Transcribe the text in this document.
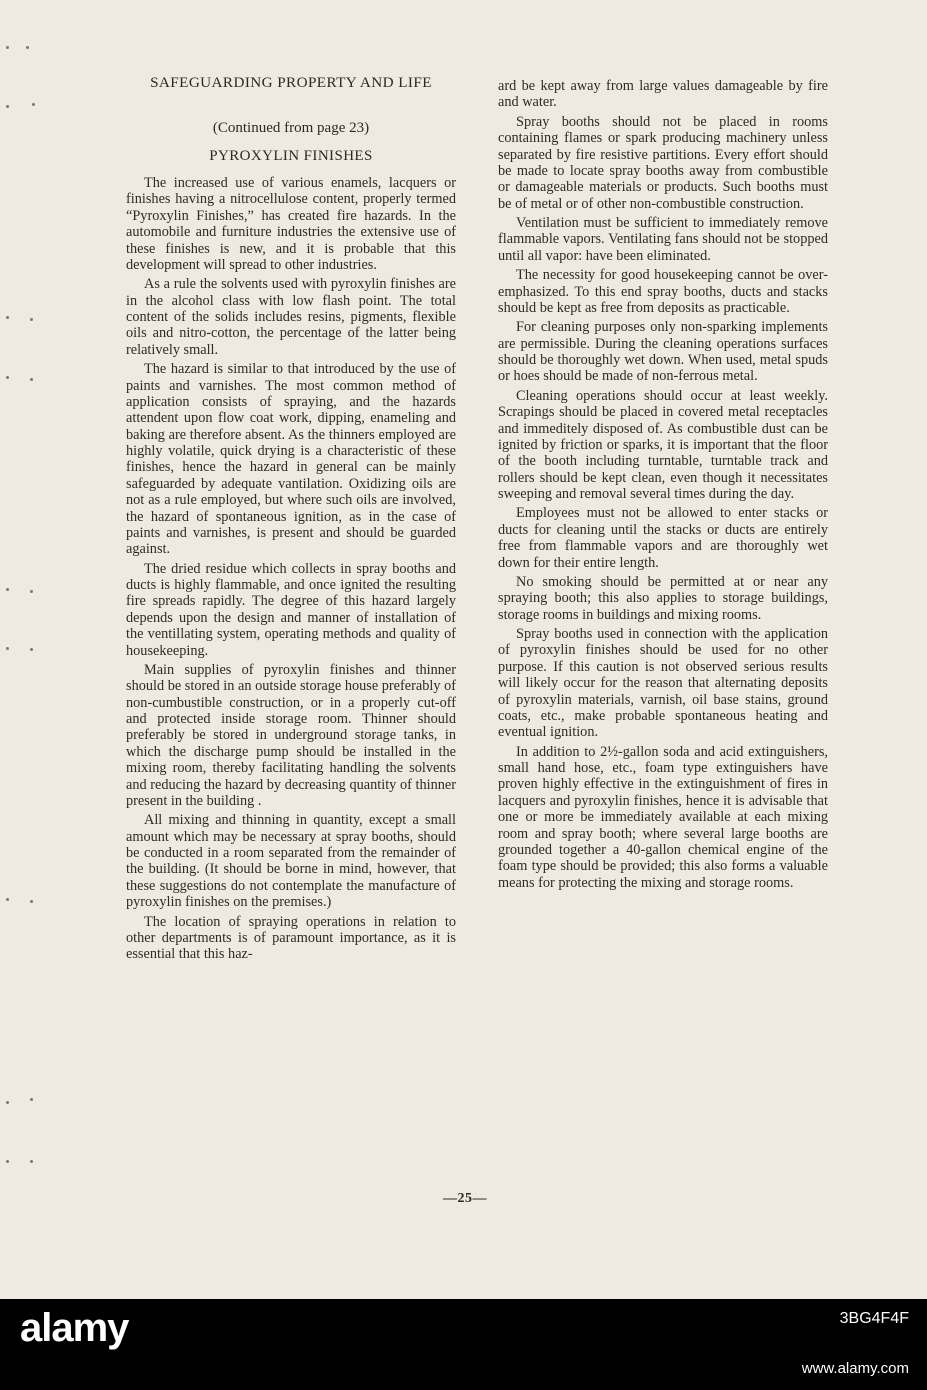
SAFEGUARDING PROPERTY AND LIFE
(Continued from page 23)
PYROXYLIN FINISHES

The increased use of various enamels, lacquers or finishes having a nitrocellulose content, properly termed “Pyroxylin Finishes,” has created fire hazards. In the automobile and furniture industries the extensive use of these finishes is new, and it is probable that this development will spread to other industries.

As a rule the solvents used with pyroxylin finishes are in the alcohol class with low flash point. The total content of the solids includes resins, pigments, flexible oils and nitro-cotton, the percentage of the latter being relatively small.

The hazard is similar to that introduced by the use of paints and varnishes. The most common method of application consists of spraying, and the hazards attendent upon flow coat work, dipping, enameling and baking are therefore absent. As the thinners employed are highly volatile, quick drying is a characteristic of these finishes, hence the hazard in general can be mainly safeguarded by adequate vantilation. Oxidizing oils are not as a rule employed, but where such oils are involved, the hazard of spontaneous ignition, as in the case of paints and varnishes, is present and should be guarded against.

The dried residue which collects in spray booths and ducts is highly flammable, and once ignited the resulting fire spreads rapidly. The degree of this hazard largely depends upon the design and manner of installation of the ventillating system, operating methods and quality of housekeeping.

Main supplies of pyroxylin finishes and thinner should be stored in an outside storage house preferably of non-cumbustible construction, or in a properly cut-off and protected inside storage room. Thinner should preferably be stored in underground storage tanks, in which the discharge pump should be installed in the mixing room, thereby facilitating handling the solvents and reducing the hazard by decreasing quantity of thinner present in the building .

All mixing and thinning in quantity, except a small amount which may be necessary at spray booths, should be conducted in a room separated from the remainder of the building. (It should be borne in mind, however, that these suggestions do not contemplate the manufacture of pyroxylin finishes on the premises.)

The location of spraying operations in relation to other departments is of paramount importance, as it is essential that this haz-

ard be kept away from large values damageable by fire and water.

Spray booths should not be placed in rooms containing flames or spark producing machinery unless separated by fire resistive partitions. Every effort should be made to locate spray booths away from combustible or damageable materials or products. Such booths must be of metal or of other non-combustible construction.

Ventilation must be sufficient to immediately remove flammable vapors. Ventilating fans should not be stopped until all vapor: have been eliminated.

The necessity for good housekeeping cannot be over-emphasized. To this end spray booths, ducts and stacks should be kept as free from deposits as practicable.

For cleaning purposes only non-sparking implements are permissible. During the cleaning operations surfaces should be thoroughly wet down. When used, metal spuds or hoes should be made of non-ferrous metal.

Cleaning operations should occur at least weekly. Scrapings should be placed in covered metal receptacles and immeditely disposed of. As combustible dust can be ignited by friction or sparks, it is important that the floor of the booth including turntable, turntable track and rollers should be kept clean, even though it necessitates sweeping and removal several times during the day.

Employees must not be allowed to enter stacks or ducts for cleaning until the stacks or ducts are entirely free from flammable vapors and are thoroughly wet down for their entire length.

No smoking should be permitted at or near any spraying booth; this also applies to storage buildings, storage rooms in buildings and mixing rooms.

Spray booths used in connection with the application of pyroxylin finishes should be used for no other purpose. If this caution is not observed serious results will likely occur for the reason that alternating deposits of pyroxylin materials, varnish, oil base stains, ground coats, etc., make probable spontaneous heating and eventual ignition.

In addition to 2½-gallon soda and acid extinguishers, small hand hose, etc., foam type extinguishers have proven highly effective in the extinguishment of fires in lacquers and pyroxylin finishes, hence it is advisable that one or more be immediately available at each mixing room and spray booth; where several large booths are grounded together a 40-gallon chemical engine of the foam type should be provided; this also forms a valuable means for protecting the mixing and storage rooms.

—25—
alamy	3BG4F4F
www.alamy.com
